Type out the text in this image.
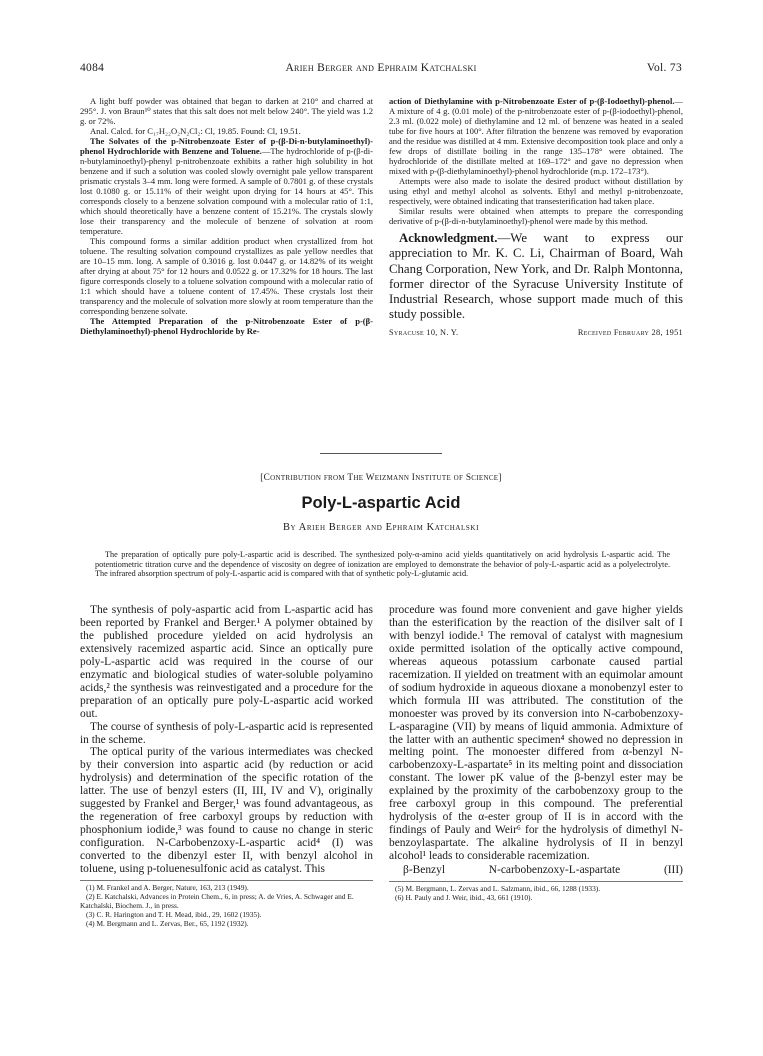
4084	Arieh Berger and Ephraim Katchalski	Vol. 73

A light buff powder was obtained that began to darken at 210° and charred at 295°. J. von Braun¹⁰ states that this salt does not melt below 240°. The yield was 1.2 g. or 72%.

Anal. Calcd. for C₁₇H₂₂O₂N₂Cl₂: Cl, 19.85. Found: Cl, 19.51.

The Solvates of the p-Nitrobenzoate Ester of p-(β-Di-n-butylaminoethyl)-phenol Hydrochloride with Benzene and Toluene.—The hydrochloride of p-(β-di-n-butylaminoethyl)-phenyl p-nitrobenzoate exhibits a rather high solubility in hot benzene and if such a solution was cooled slowly overnight pale yellow transparent prismatic crystals 3–4 mm. long were formed. A sample of 0.7801 g. of these crystals lost 0.1080 g. or 15.11% of their weight upon drying for 14 hours at 45°. This corresponds closely to a benzene solvation compound with a molecular ratio of 1:1, which should theoretically have a benzene content of 15.21%. The crystals slowly lose their transparency and the molecule of benzene of solvation at room temperature.

This compound forms a similar addition product when crystallized from hot toluene. The resulting solvation compound crystallizes as pale yellow needles that are 10–15 mm. long. A sample of 0.3016 g. lost 0.0447 g. or 14.82% of its weight after drying at about 75° for 12 hours and 0.0522 g. or 17.32% for 18 hours. The last figure corresponds closely to a toluene solvation compound with a molecular ratio of 1:1 which should have a toluene content of 17.45%. These crystals lost their transparency and the molecule of solvation more slowly at room temperature than the corresponding benzene solvate.

The Attempted Preparation of the p-Nitrobenzoate Ester of p-(β-Diethylaminoethyl)-phenol Hydrochloride by Re-

action of Diethylamine with p-Nitrobenzoate Ester of p-(β-Iodoethyl)-phenol.—A mixture of 4 g. (0.01 mole) of the p-nitrobenzoate ester of p-(β-iodoethyl)-phenol, 2.3 ml. (0.022 mole) of diethylamine and 12 ml. of benzene was heated in a sealed tube for five hours at 100°. After filtration the benzene was removed by evaporation and the residue was distilled at 4 mm. Extensive decomposition took place and only a few drops of distillate boiling in the range 135–178° were obtained. The hydrochloride of the distillate melted at 169–172° and gave no depression when mixed with p-(β-diethylaminoethyl)-phenol hydrochloride (m.p. 172–173°).

Attempts were also made to isolate the desired product without distillation by using ethyl and methyl alcohol as solvents. Ethyl and methyl p-nitrobenzoate, respectively, were obtained indicating that transesterification had taken place.

Similar results were obtained when attempts to prepare the corresponding derivative of p-(β-di-n-butylaminoethyl)-phenol were made by this method.

Acknowledgment.—We want to express our appreciation to Mr. K. C. Li, Chairman of Board, Wah Chang Corporation, New York, and Dr. Ralph Montonna, former director of the Syracuse University Institute of Industrial Research, whose support made much of this study possible.

Syracuse 10, N. Y.	Received February 28, 1951
[Contribution from The Weizmann Institute of Science]
Poly-L-aspartic Acid
By Arieh Berger and Ephraim Katchalski
The preparation of optically pure poly-L-aspartic acid is described. The synthesized poly-α-amino acid yields quantitatively on acid hydrolysis L-aspartic acid. The potentiometric titration curve and the dependence of viscosity on degree of ionization are employed to demonstrate the behavior of poly-L-aspartic acid as a polyelectrolyte. The infrared absorption spectrum of poly-L-aspartic acid is compared with that of synthetic poly-L-glutamic acid.

The synthesis of poly-aspartic acid from L-aspartic acid has been reported by Frankel and Berger.¹ A polymer obtained by the published procedure yielded on acid hydrolysis an extensively racemized aspartic acid. Since an optically pure poly-L-aspartic acid was required in the course of our enzymatic and biological studies of water-soluble polyamino acids,² the synthesis was reinvestigated and a procedure for the preparation of an optically pure poly-L-aspartic acid worked out.

The course of synthesis of poly-L-aspartic acid is represented in the scheme.

The optical purity of the various intermediates was checked by their conversion into aspartic acid (by reduction or acid hydrolysis) and determination of the specific rotation of the latter. The use of benzyl esters (II, III, IV and V), originally suggested by Frankel and Berger,¹ was found advantageous, as the regeneration of free carboxyl groups by reduction with phosphonium iodide,³ was found to cause no change in steric configuration. N-Carbobenzoxy-L-aspartic acid⁴ (I) was converted to the dibenzyl ester II, with benzyl alcohol in toluene, using p-toluenesulfonic acid as catalyst. This

(1) M. Frankel and A. Berger, Nature, 163, 213 (1949).
(2) E. Katchalski, Advances in Protein Chem., 6, in press; A. de Vries, A. Schwager and E. Katchalski, Biochem. J., in press.
(3) C. R. Harington and T. H. Mead, ibid., 29, 1602 (1935).
(4) M. Bergmann and L. Zervas, Ber., 65, 1192 (1932).

procedure was found more convenient and gave higher yields than the esterification by the reaction of the disilver salt of I with benzyl iodide.¹ The removal of catalyst with magnesium oxide permitted isolation of the optically active compound, whereas aqueous potassium carbonate caused partial racemization. II yielded on treatment with an equimolar amount of sodium hydroxide in aqueous dioxane a monobenzyl ester to which formula III was attributed. The constitution of the monoester was proved by its conversion into N-carbobenzoxy-L-asparagine (VII) by means of liquid ammonia. Admixture of the latter with an authentic specimen⁴ showed no depression in melting point. The monoester differed from α-benzyl N-carbobenzoxy-L-aspartate⁵ in its melting point and dissociation constant. The lower pK value of the β-benzyl ester may be explained by the proximity of the carbobenzoxy group to the free carboxyl group in this compound. The preferential hydrolysis of the α-ester group of II is in accord with the findings of Pauly and Weir⁶ for the hydrolysis of dimethyl N-benzoylaspartate. The alkaline hydrolysis of II in benzyl alcohol¹ leads to considerable racemization.

β-Benzyl	N-carbobenzoxy-L-aspartate	(III)
(5) M. Bergmann, L. Zervas and L. Salzmann, ibid., 66, 1288 (1933).
(6) H. Pauly and J. Weir, ibid., 43, 661 (1910).
